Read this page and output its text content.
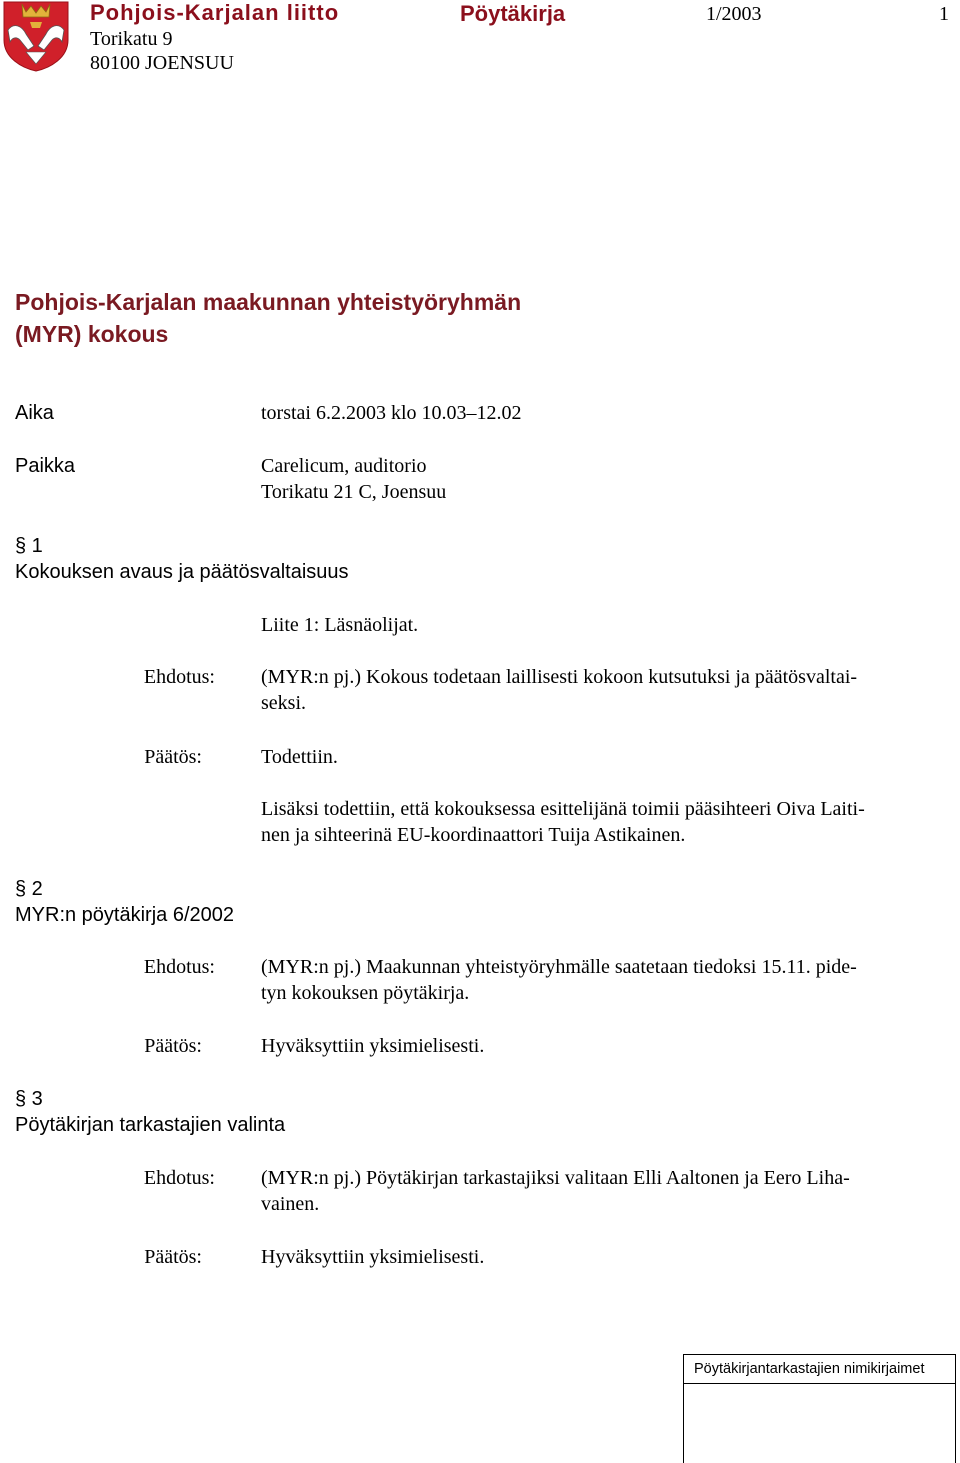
Pohjois-Karjalan liitto	Pöytäkirja	1/2003	1
Torikatu 9
80100 JOENSUU
Pohjois-Karjalan maakunnan yhteistyöryhmän
(MYR) kokous
Aika	torstai 6.2.2003 klo 10.03–12.02
Paikka	Carelicum, auditorio
Torikatu 21 C, Joensuu
§ 1
Kokouksen avaus ja päätösvaltaisuus
Liite 1: Läsnäolijat.
Ehdotus: (MYR:n pj.) Kokous todetaan laillisesti kokoon kutsutuksi ja päätösvaltai-
seksi.
Päätös:	Todettiin.
Lisäksi todettiin, että kokouksessa esittelijänä toimii pääsihteeri Oiva Laiti-
nen ja sihteerinä EU-koordinaattori Tuija Astikainen.
§ 2
MYR:n pöytäkirja 6/2002
Ehdotus: (MYR:n pj.) Maakunnan yhteistyöryhmälle saatetaan tiedoksi 15.11. pide-
tyn kokouksen pöytäkirja.
Päätös:	Hyväksyttiin yksimielisesti.
§ 3
Pöytäkirjan tarkastajien valinta
Ehdotus: (MYR:n pj.) Pöytäkirjan tarkastajiksi valitaan Elli Aaltonen ja Eero Liha-
vainen.
Päätös:	Hyväksyttiin yksimielisesti.
Pöytäkirjantarkastajien nimikirjaimet
